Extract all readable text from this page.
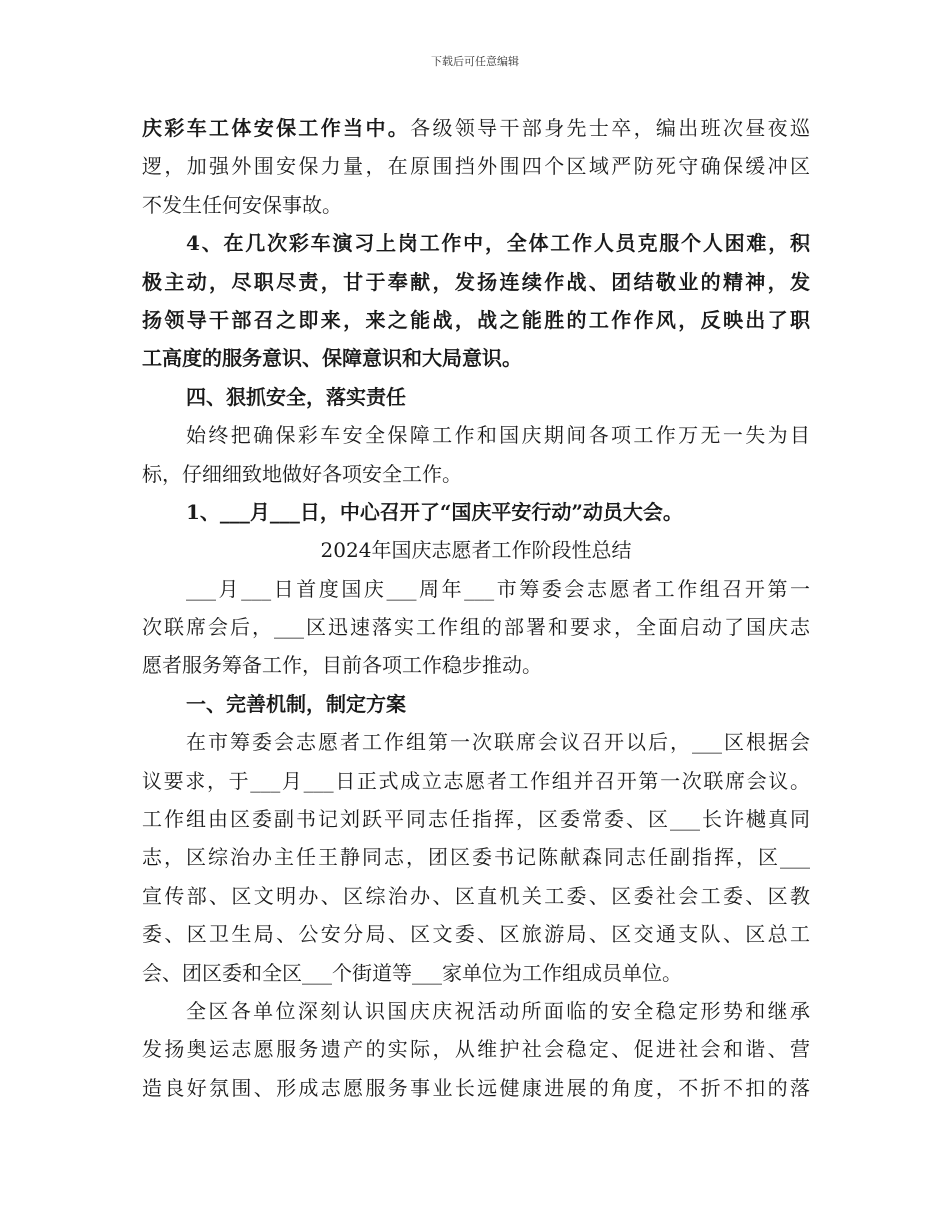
下载后可任意编辑
庆彩车工体安保工作当中。各级领导干部身先士卒，编出班次昼夜巡
逻，加强外围安保力量，在原围挡外围四个区域严防死守确保缓冲区
不发生任何安保事故。
4、在几次彩车演习上岗工作中，全体工作人员克服个人困难，积
极主动，尽职尽责，甘于奉献，发扬连续作战、团结敬业的精神，发
扬领导干部召之即来，来之能战，战之能胜的工作作风，反映出了职
工高度的服务意识、保障意识和大局意识。
四、狠抓安全，落实责任
始终把确保彩车安全保障工作和国庆期间各项工作万无一失为目
标，仔细细致地做好各项安全工作。
1、___月___日，中心召开了“国庆平安行动”动员大会。
2024年国庆志愿者工作阶段性总结
___月___日首度国庆___周年___市筹委会志愿者工作组召开第一
次联席会后，___区迅速落实工作组的部署和要求，全面启动了国庆志
愿者服务筹备工作，目前各项工作稳步推动。
一、完善机制，制定方案
在市筹委会志愿者工作组第一次联席会议召开以后，___区根据会
议要求，于___月___日正式成立志愿者工作组并召开第一次联席会议。
工作组由区委副书记刘跃平同志任指挥，区委常委、区___长许樾真同
志，区综治办主任王静同志，团区委书记陈献森同志任副指挥，区___
宣传部、区文明办、区综治办、区直机关工委、区委社会工委、区教
委、区卫生局、公安分局、区文委、区旅游局、区交通支队、区总工
会、团区委和全区___个街道等___家单位为工作组成员单位。
全区各单位深刻认识国庆庆祝活动所面临的安全稳定形势和继承
发扬奥运志愿服务遗产的实际，从维护社会稳定、促进社会和谐、营
造良好氛围、形成志愿服务事业长远健康进展的角度，不折不扣的落
